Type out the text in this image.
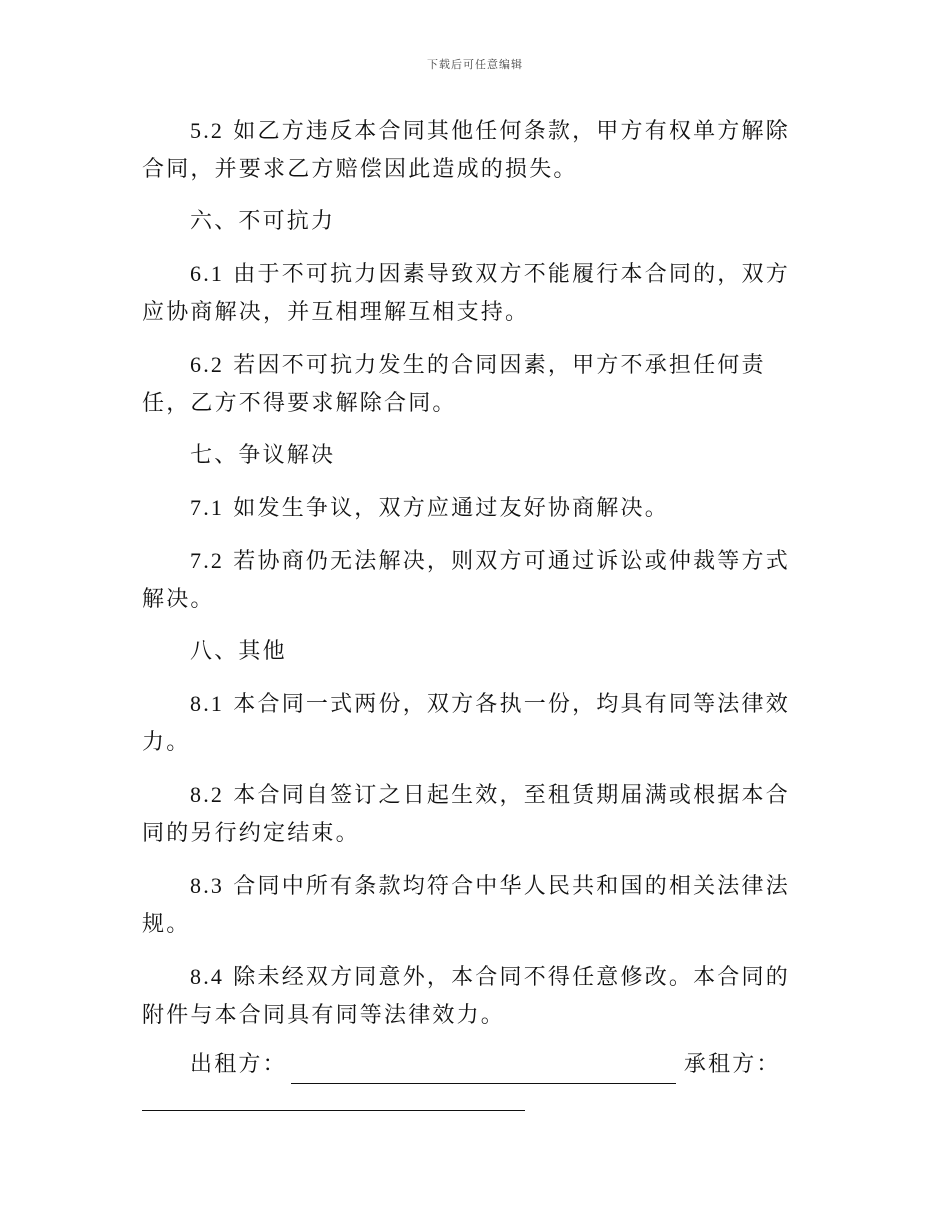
下载后可任意编辑

5.2 如乙方违反本合同其他任何条款，甲方有权单方解除合同，并要求乙方赔偿因此造成的损失。

六、不可抗力

6.1 由于不可抗力因素导致双方不能履行本合同的，双方应协商解决，并互相理解互相支持。

6.2 若因不可抗力发生的合同因素，甲方不承担任何责任，乙方不得要求解除合同。

七、争议解决

7.1 如发生争议，双方应通过友好协商解决。

7.2 若协商仍无法解决，则双方可通过诉讼或仲裁等方式解决。

八、其他

8.1 本合同一式两份，双方各执一份，均具有同等法律效力。

8.2 本合同自签订之日起生效，至租赁期届满或根据本合同的另行约定结束。

8.3 合同中所有条款均符合中华人民共和国的相关法律法规。

8.4 除未经双方同意外，本合同不得任意修改。本合同的附件与本合同具有同等法律效力。

出租方：	承租方：
